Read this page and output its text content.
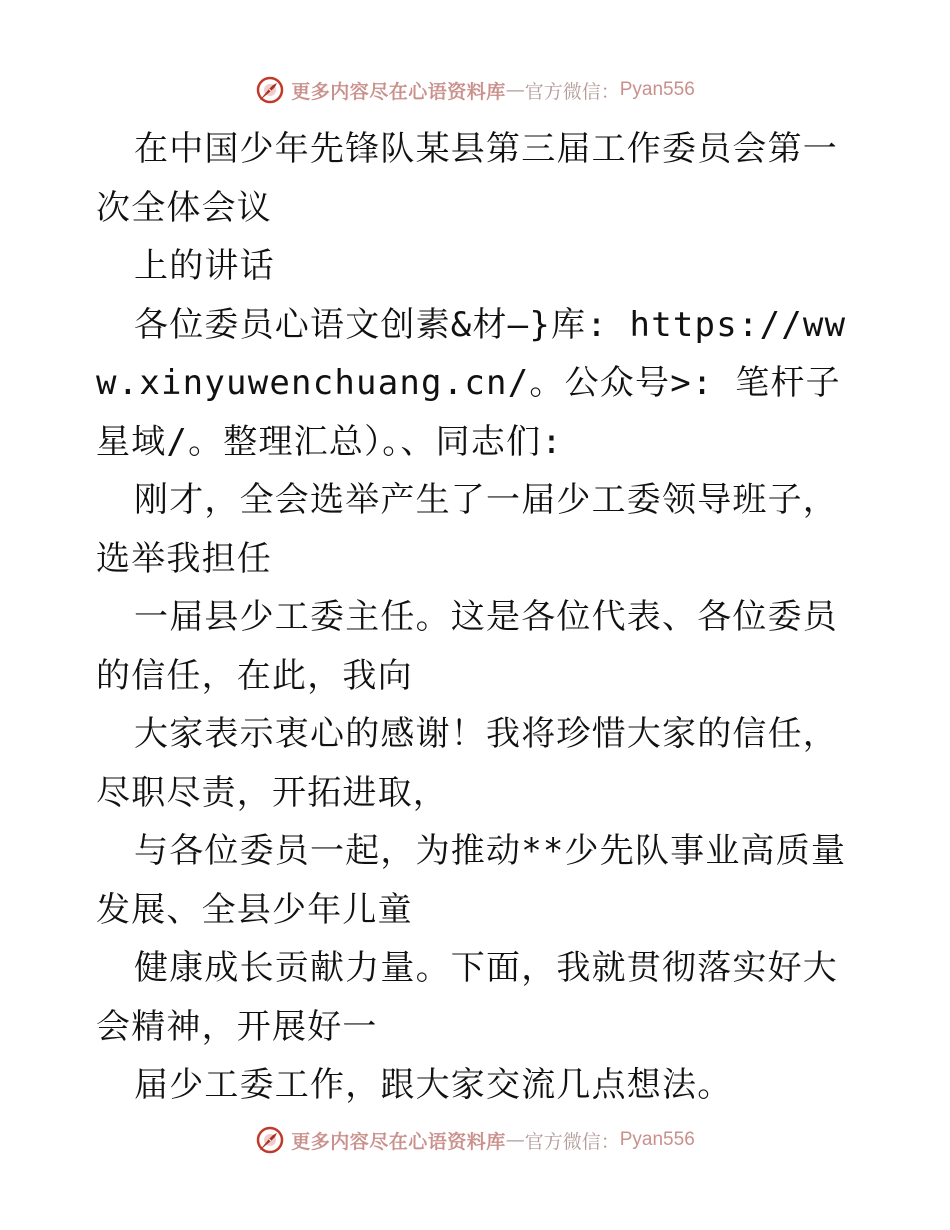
更多内容尽在心语资料库 — 官方微信： Pyan556

在中国少年先锋队某县第三届工作委员会第一次全体会议

上的讲话

各位委员心语文创素&材—}库: https://www.xinyuwenchuang.cn/。公众号>: 笔杆子星域/。整理汇总）。、同志们:

刚才，全会选举产生了一届少工委领导班子，选举我担任

一届县少工委主任。这是各位代表、各位委员的信任，在此，我向

大家表示衷心的感谢！我将珍惜大家的信任，尽职尽责，开拓进取，

与各位委员一起，为推动**少先队事业高质量发展、全县少年儿童

健康成长贡献力量。下面，我就贯彻落实好大会精神，开展好一

届少工委工作，跟大家交流几点想法。

更多内容尽在心语资料库 — 官方微信： Pyan556
